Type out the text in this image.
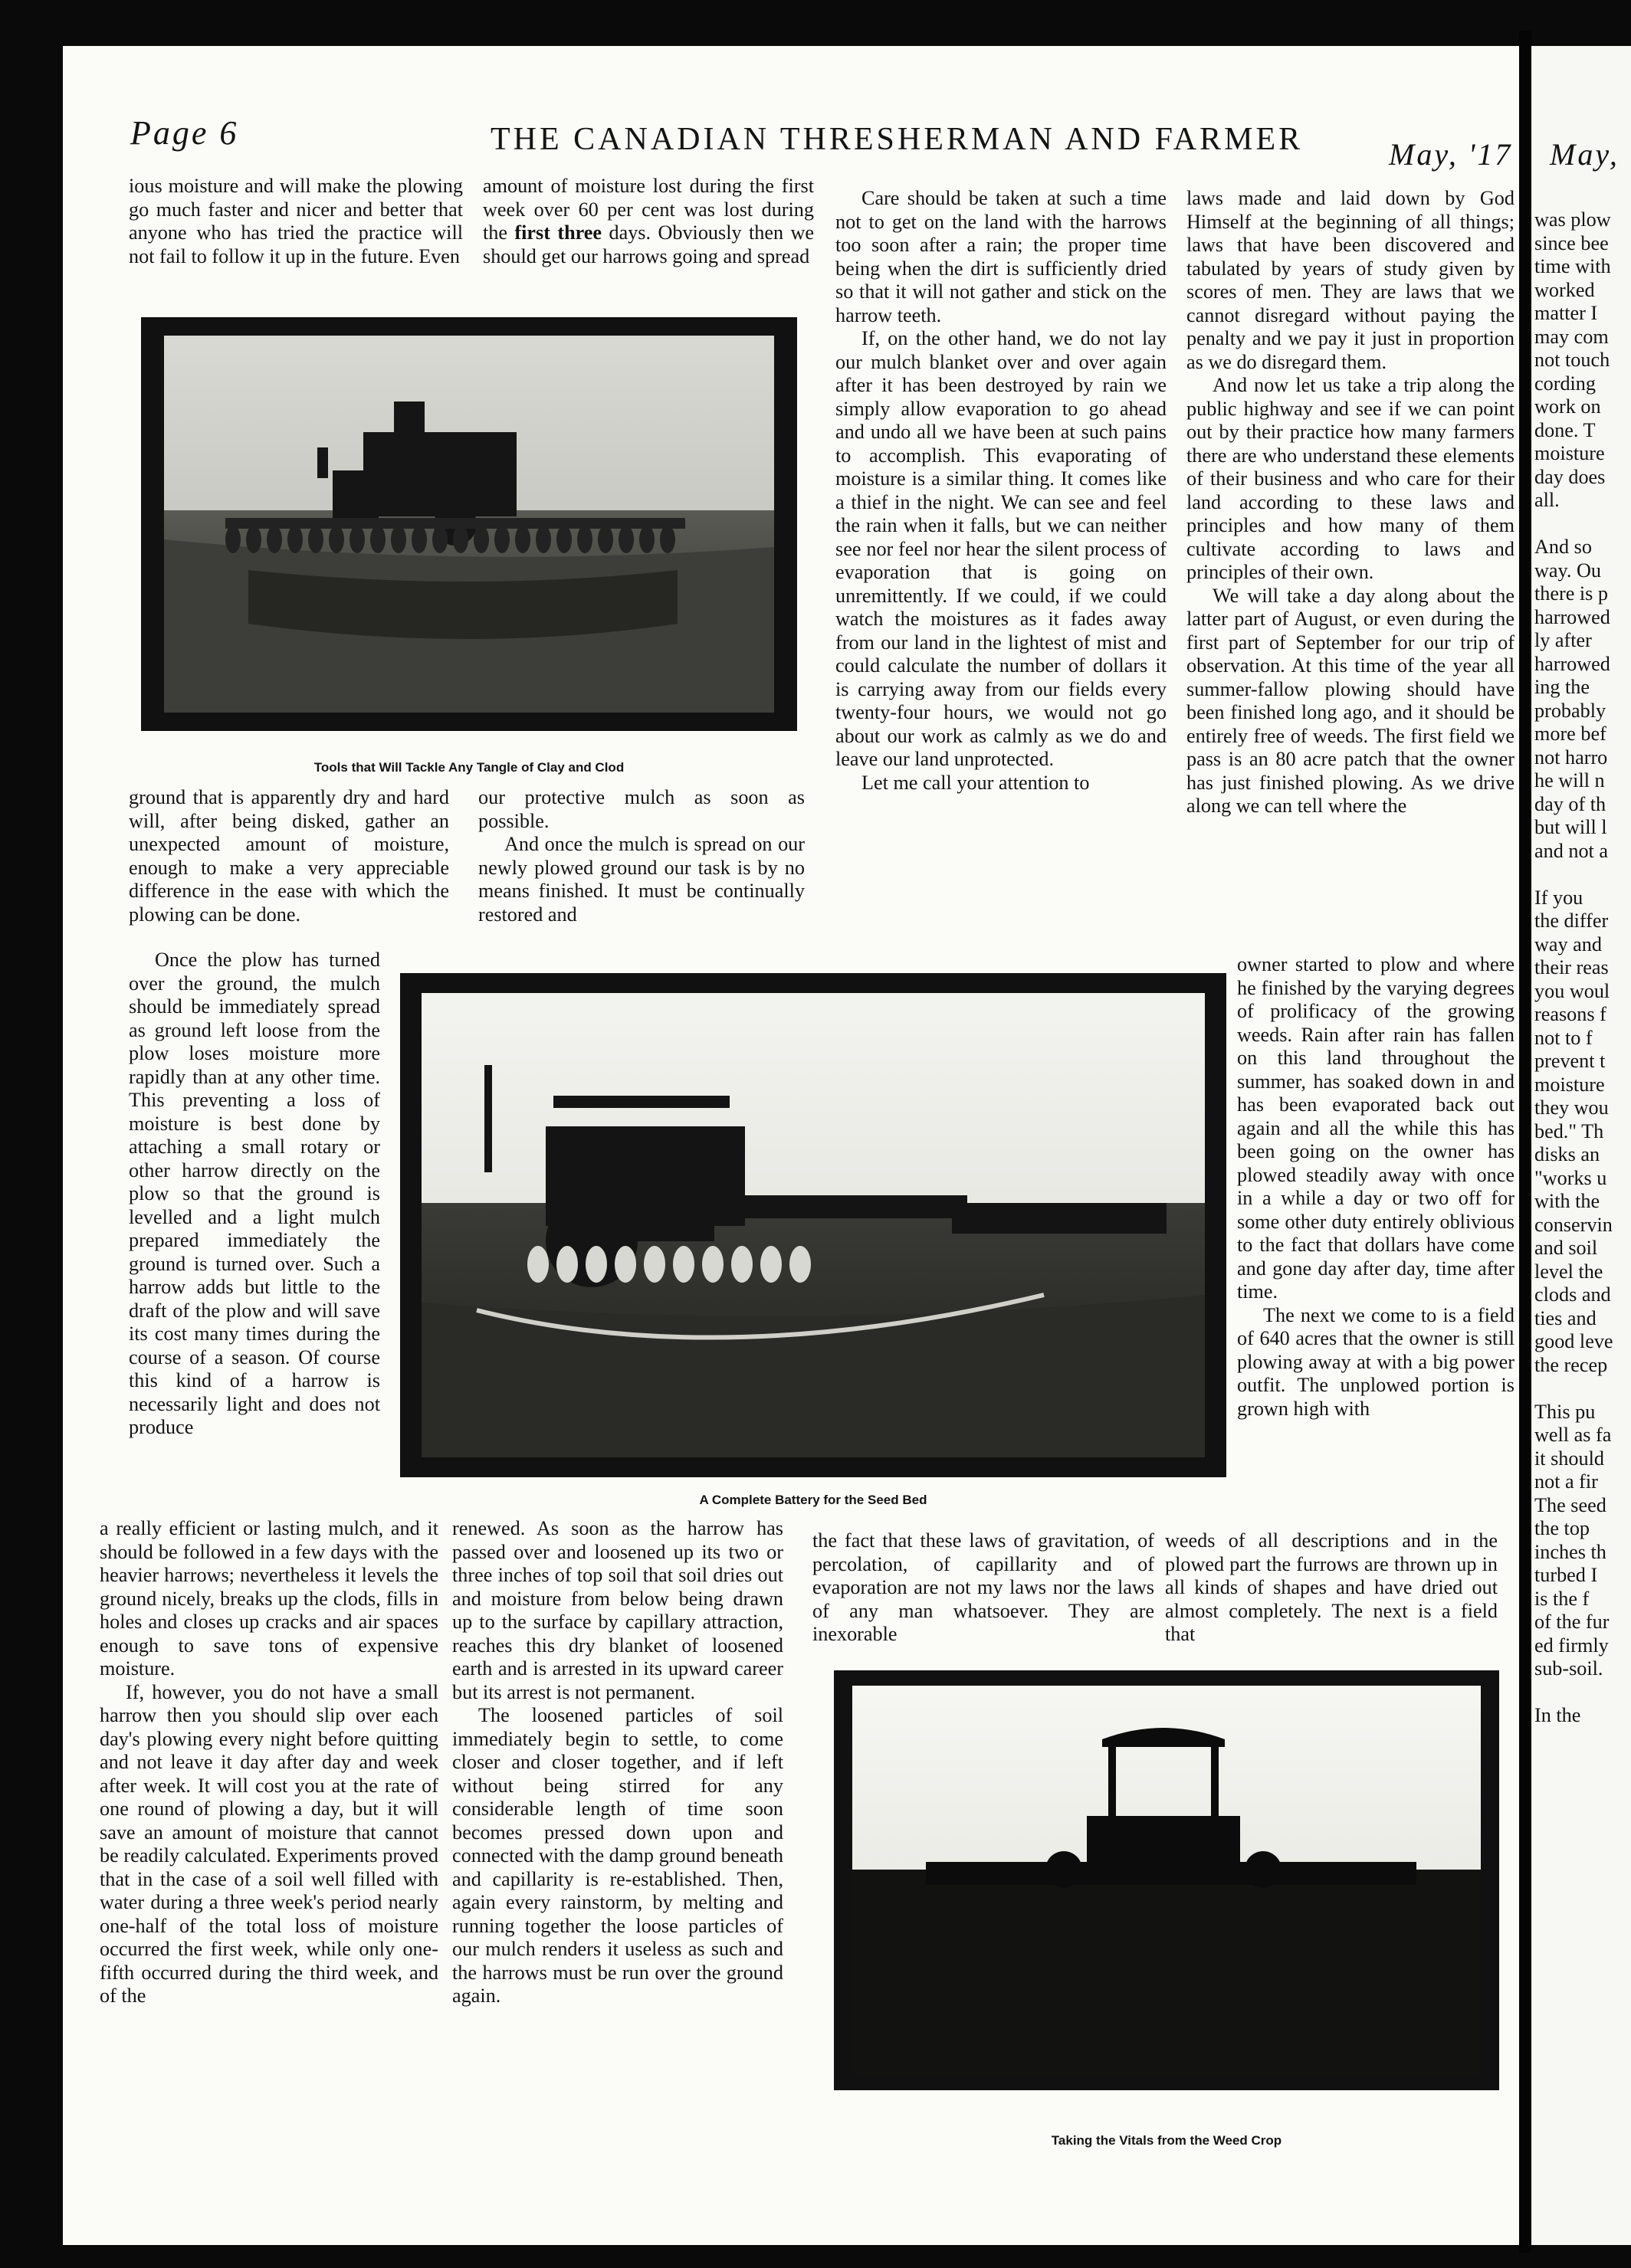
was plow
since bee
time with
worked
matter I
may com
not touch
cording
work on
done. T
moisture
day does
all.

And so
way. Ou
there is p
harrowed
ly after
harrowed
ing the
probably
more bef
not harro
he will n
day of th
but will l
and not a

If you
the differ
way and
their reas
you woul
reasons f
not to f
prevent t
moisture
they wou
bed." Th
disks an
"works u
with the
conservin
and soil
level the
clods and
ties and
good leve
the recep

This pu
well as fa
it should
not a fir
The seed
the top
inches th
turbed I
is the f
of the fur
ed firmly
sub-soil.

In the
May,
Page 6	THE CANADIAN THRESHERMAN AND FARMER	May, '17

ious moisture and will make the plowing go much faster and nicer and better that anyone who has tried the practice will not fail to follow it up in the future. Even

amount of moisture lost during the first week over 60 per cent was lost during the first three days. Obviously then we should get our harrows going and spread

Tools that Will Tackle Any Tangle of Clay and Clod

ground that is apparently dry and hard will, after being disked, gather an unexpected amount of moisture, enough to make a very appreciable difference in the ease with which the plowing can be done.

our protective mulch as soon as possible.

And once the mulch is spread on our newly plowed ground our task is by no means finished. It must be continually restored and

Once the plow has turned over the ground, the mulch should be immediately spread as ground left loose from the plow loses moisture more rapidly than at any other time. This preventing a loss of moisture is best done by attaching a small rotary or other harrow directly on the plow so that the ground is levelled and a light mulch prepared immediately the ground is turned over. Such a harrow adds but little to the draft of the plow and will save its cost many times during the course of a season. Of course this kind of a harrow is necessarily light and does not produce

A Complete Battery for the Seed Bed

Care should be taken at such a time not to get on the land with the harrows too soon after a rain; the proper time being when the dirt is sufficiently dried so that it will not gather and stick on the harrow teeth.

If, on the other hand, we do not lay our mulch blanket over and over again after it has been destroyed by rain we simply allow evaporation to go ahead and undo all we have been at such pains to accomplish. This evaporating of moisture is a similar thing. It comes like a thief in the night. We can see and feel the rain when it falls, but we can neither see nor feel nor hear the silent process of evaporation that is going on unremittently. If we could, if we could watch the moistures as it fades away from our land in the lightest of mist and could calculate the number of dollars it is carrying away from our fields every twenty-four hours, we would not go about our work as calmly as we do and leave our land unprotected.

Let me call your attention to

laws made and laid down by God Himself at the beginning of all things; laws that have been discovered and tabulated by years of study given by scores of men. They are laws that we cannot disregard without paying the penalty and we pay it just in proportion as we do disregard them.

And now let us take a trip along the public highway and see if we can point out by their practice how many farmers there are who understand these elements of their business and who care for their land according to these laws and principles and how many of them cultivate according to laws and principles of their own.

We will take a day along about the latter part of August, or even during the first part of September for our trip of observation. At this time of the year all summer-fallow plowing should have been finished long ago, and it should be entirely free of weeds. The first field we pass is an 80 acre patch that the owner has just finished plowing. As we drive along we can tell where the

owner started to plow and where he finished by the varying degrees of prolificacy of the growing weeds. Rain after rain has fallen on this land throughout the summer, has soaked down in and has been evaporated back out again and all the while this has been going on the owner has plowed steadily away with once in a while a day or two off for some other duty entirely oblivious to the fact that dollars have come and gone day after day, time after time.

The next we come to is a field of 640 acres that the owner is still plowing away at with a big power outfit. The unplowed portion is grown high with

a really efficient or lasting mulch, and it should be followed in a few days with the heavier harrows; nevertheless it levels the ground nicely, breaks up the clods, fills in holes and closes up cracks and air spaces enough to save tons of expensive moisture.

If, however, you do not have a small harrow then you should slip over each day's plowing every night before quitting and not leave it day after day and week after week. It will cost you at the rate of one round of plowing a day, but it will save an amount of moisture that cannot be readily calculated. Experiments proved that in the case of a soil well filled with water during a three week's period nearly one-half of the total loss of moisture occurred the first week, while only one-fifth occurred during the third week, and of the

renewed. As soon as the harrow has passed over and loosened up its two or three inches of top soil that soil dries out and moisture from below being drawn up to the surface by capillary attraction, reaches this dry blanket of loosened earth and is arrested in its upward career but its arrest is not permanent.

The loosened particles of soil immediately begin to settle, to come closer and closer together, and if left without being stirred for any considerable length of time soon becomes pressed down upon and connected with the damp ground beneath and capillarity is re-established. Then, again every rainstorm, by melting and running together the loose particles of our mulch renders it useless as such and the harrows must be run over the ground again.

the fact that these laws of gravitation, of percolation, of capillarity and of evaporation are not my laws nor the laws of any man whatsoever. They are inexorable

weeds of all descriptions and in the plowed part the furrows are thrown up in all kinds of shapes and have dried out almost completely. The next is a field that

Taking the Vitals from the Weed Crop
